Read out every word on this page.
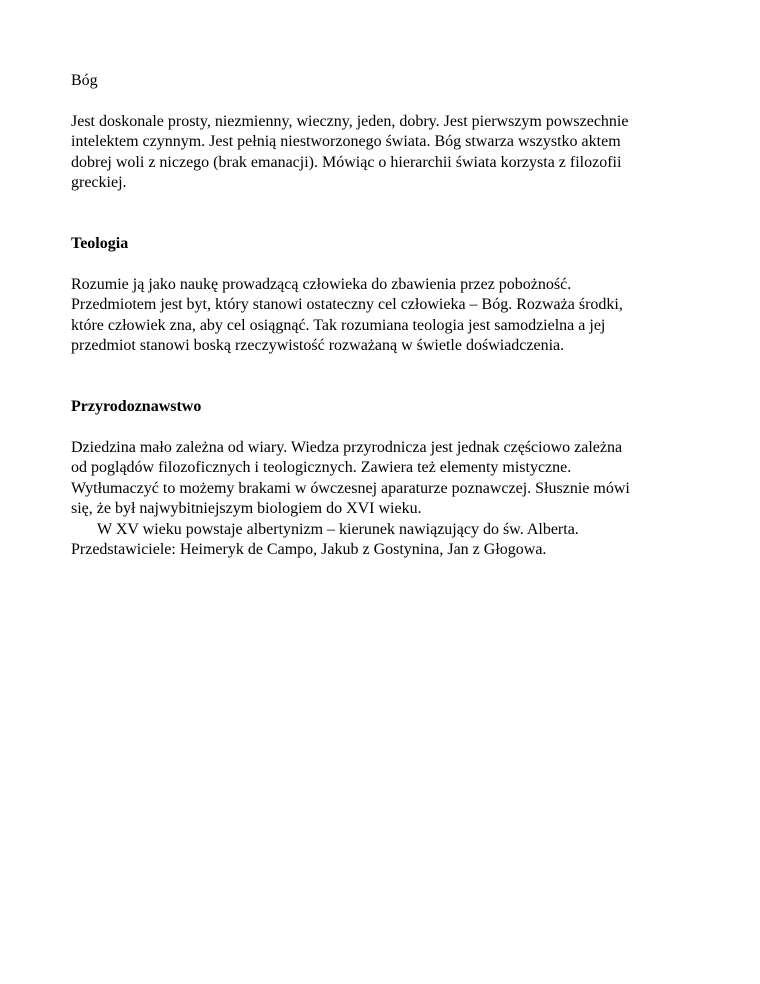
Bóg
Jest doskonale prosty, niezmienny, wieczny, jeden, dobry. Jest pierwszym powszechnie
intelektem czynnym. Jest pełnią niestworzonego świata. Bóg stwarza wszystko aktem
dobrej woli z niczego (brak emanacji). Mówiąc o hierarchii świata korzysta z filozofii
greckiej.
Teologia
Rozumie ją jako naukę prowadzącą człowieka do zbawienia przez pobożność.
Przedmiotem jest byt, który stanowi ostateczny cel człowieka – Bóg. Rozważa środki,
które człowiek zna, aby cel osiągnąć. Tak rozumiana teologia jest samodzielna a jej
przedmiot stanowi boską rzeczywistość rozważaną w świetle doświadczenia.
Przyrodoznawstwo
Dziedzina mało zależna od wiary. Wiedza przyrodnicza jest jednak częściowo zależna
od poglądów filozoficznych i teologicznych. Zawiera też elementy mistyczne.
Wytłumaczyć to możemy brakami w ówczesnej aparaturze poznawczej. Słusznie mówi
się, że był najwybitniejszym biologiem do XVI wieku.
W XV wieku powstaje albertynizm – kierunek nawiązujący do św. Alberta.
Przedstawiciele: Heimeryk de Campo, Jakub z Gostynina, Jan z Głogowa.
